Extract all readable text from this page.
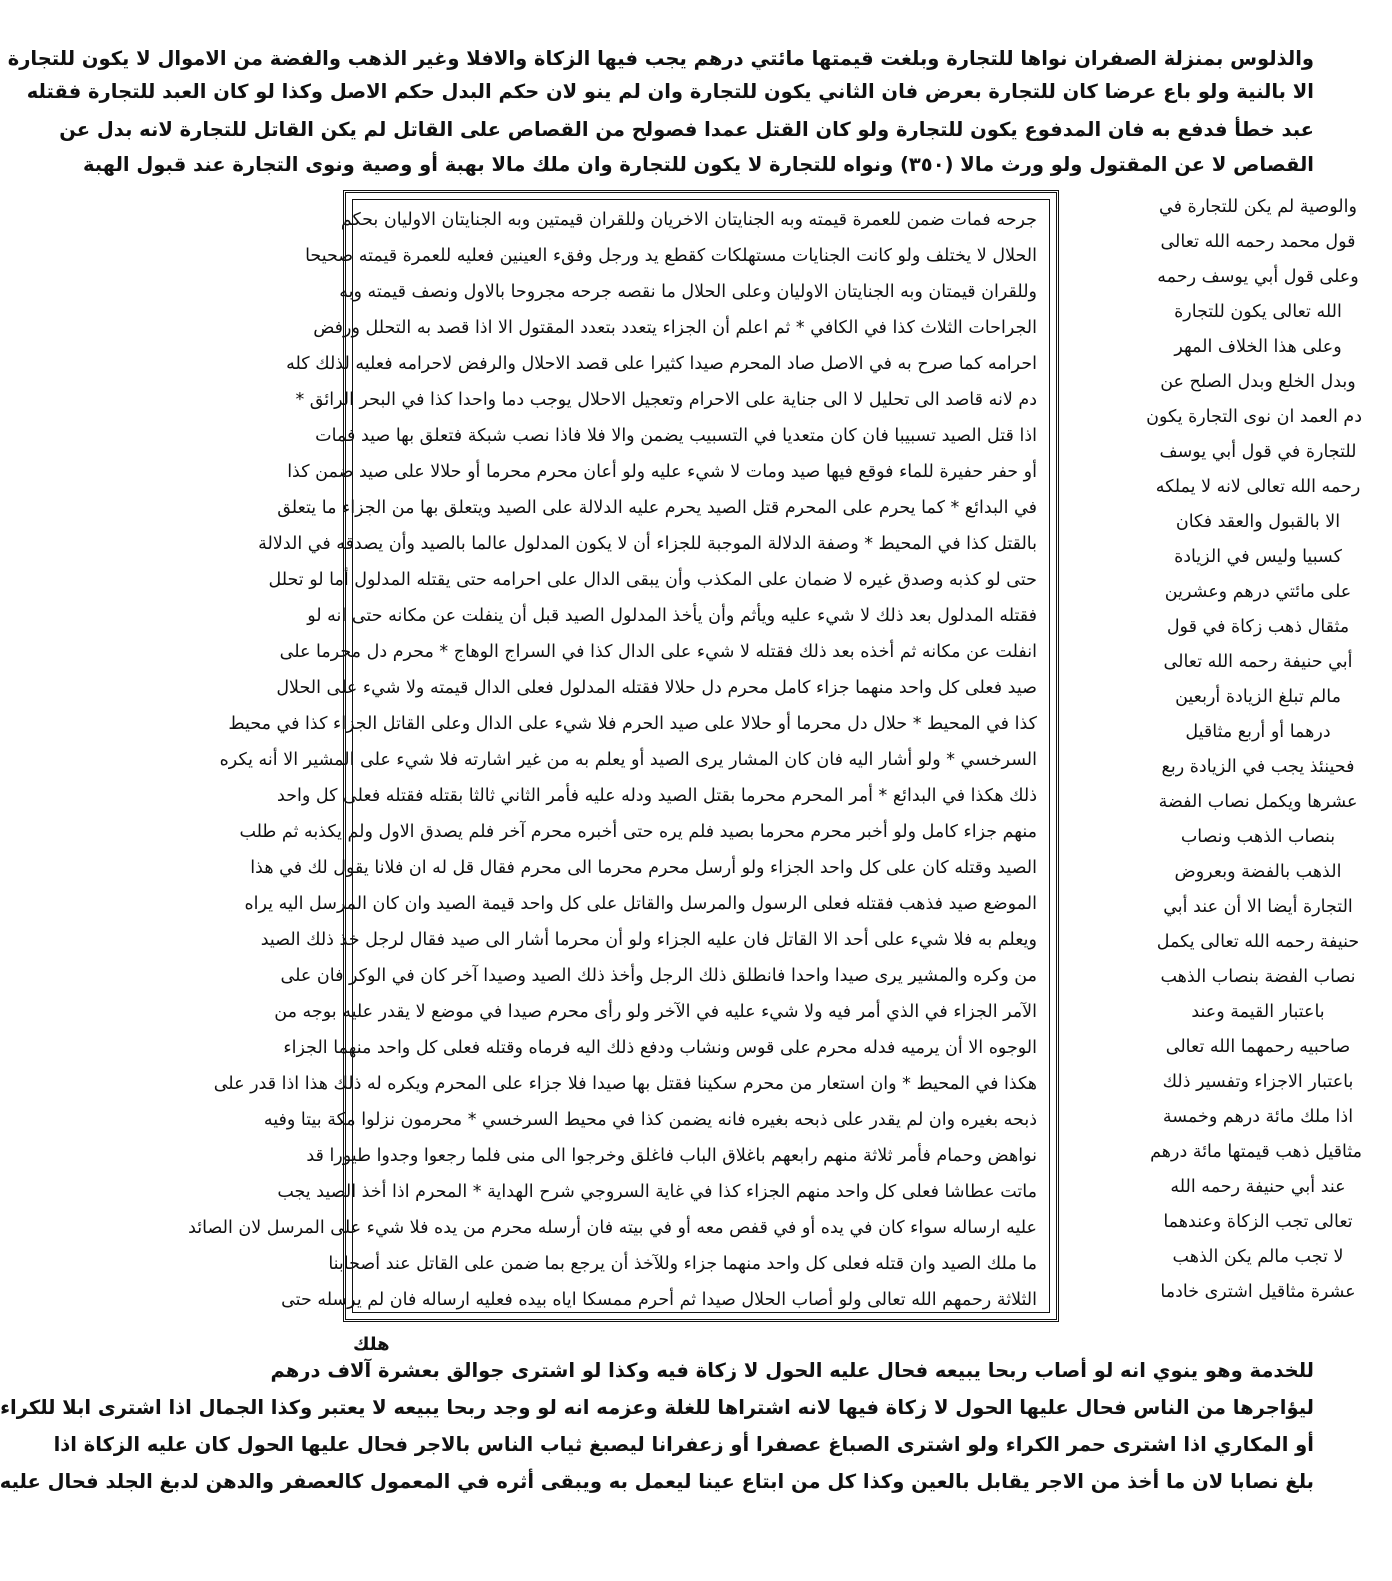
والذلوس بمنزلة الصفران نواها للتجارة وبلغت قيمتها مائتي درهم يجب فيها الزكاة والافلا وغير الذهب والفضة من الاموال لا يكون للتجارة
الا بالنية ولو باع عرضا كان للتجارة بعرض فان الثاني يكون للتجارة وان لم ينو لان حكم البدل حكم الاصل وكذا لو كان العبد للتجارة فقتله
عبد خطأ فدفع به فان المدفوع يكون للتجارة ولو كان القتل عمدا فصولح من القصاص على القاتل لم يكن القاتل للتجارة لانه بدل عن
القصاص لا عن المقتول ولو ورث مالا (٣٥٠) ونواه للتجارة لا يكون للتجارة وان ملك مالا بهبة أو وصية ونوى التجارة عند قبول الهبة
والوصية لم يكن للتجارة في
قول محمد رحمه الله تعالى
وعلى قول أبي يوسف رحمه
الله تعالى يكون للتجارة
وعلى هذا الخلاف المهر
وبدل الخلع وبدل الصلح عن
دم العمد ان نوى التجارة يكون
للتجارة في قول أبي يوسف
رحمه الله تعالى لانه لا يملكه
الا بالقبول والعقد فكان
كسبيا وليس في الزيادة
على مائتي درهم وعشرين
مثقال ذهب زكاة في قول
أبي حنيفة رحمه الله تعالى
مالم تبلغ الزيادة أربعين
درهما أو أربع مثاقيل
فحينئذ يجب في الزيادة ربع
عشرها ويكمل نصاب الفضة
بنصاب الذهب ونصاب
الذهب بالفضة وبعروض
التجارة أيضا الا أن عند أبي
حنيفة رحمه الله تعالى يكمل
نصاب الفضة بنصاب الذهب
باعتبار القيمة وعند
صاحبيه رحمهما الله تعالى
باعتبار الاجزاء وتفسير ذلك
اذا ملك مائة درهم وخمسة
مثاقيل ذهب قيمتها مائة درهم
عند أبي حنيفة رحمه الله
تعالى تجب الزكاة وعندهما
لا تجب مالم يكن الذهب
عشرة مثاقيل اشترى خادما
جرحه فمات ضمن للعمرة قيمته وبه الجنايتان الاخريان وللقران قيمتين وبه الجنايتان الاوليان بحكم
الحلال لا يختلف ولو كانت الجنايات مستهلكات كقطع يد ورجل وفقء العينين فعليه للعمرة قيمته صحيحا
وللقران قيمتان وبه الجنايتان الاوليان وعلى الحلال ما نقصه جرحه مجروحا بالاول ونصف قيمته وبه
الجراحات الثلاث كذا في الكافي * ثم اعلم أن الجزاء يتعدد بتعدد المقتول الا اذا قصد به التحلل ورفض
احرامه كما صرح به في الاصل صاد المحرم صيدا كثيرا على قصد الاحلال والرفض لاحرامه فعليه لذلك كله
دم لانه قاصد الى تحليل لا الى جناية على الاحرام وتعجيل الاحلال يوجب دما واحدا كذا في البحر الرائق *
اذا قتل الصيد تسبيبا فان كان متعديا في التسبيب يضمن والا فلا فاذا نصب شبكة فتعلق بها صيد فمات
أو حفر حفيرة للماء فوقع فيها صيد ومات لا شيء عليه ولو أعان محرم محرما أو حلالا على صيد ضمن كذا
في البدائع * كما يحرم على المحرم قتل الصيد يحرم عليه الدلالة على الصيد ويتعلق بها من الجزاء ما يتعلق
بالقتل كذا في المحيط * وصفة الدلالة الموجبة للجزاء أن لا يكون المدلول عالما بالصيد وأن يصدقه في الدلالة
حتى لو كذبه وصدق غيره لا ضمان على المكذب وأن يبقى الدال على احرامه حتى يقتله المدلول أما لو تحلل
فقتله المدلول بعد ذلك لا شيء عليه ويأثم وأن يأخذ المدلول الصيد قبل أن ينفلت عن مكانه حتى انه لو
انفلت عن مكانه ثم أخذه بعد ذلك فقتله لا شيء على الدال كذا في السراج الوهاج * محرم دل محرما على
صيد فعلى كل واحد منهما جزاء كامل محرم دل حلالا فقتله المدلول فعلى الدال قيمته ولا شيء على الحلال
كذا في المحيط * حلال دل محرما أو حلالا على صيد الحرم فلا شيء على الدال وعلى القاتل الجزاء كذا في محيط
السرخسي * ولو أشار اليه فان كان المشار يرى الصيد أو يعلم به من غير اشارته فلا شيء على المشير الا أنه يكره
ذلك هكذا في البدائع * أمر المحرم محرما بقتل الصيد ودله عليه فأمر الثاني ثالثا بقتله فقتله فعلى كل واحد
منهم جزاء كامل ولو أخبر محرم محرما بصيد فلم يره حتى أخبره محرم آخر فلم يصدق الاول ولم يكذبه ثم طلب
الصيد وقتله كان على كل واحد الجزاء ولو أرسل محرم محرما الى محرم فقال قل له ان فلانا يقول لك في هذا
الموضع صيد فذهب فقتله فعلى الرسول والمرسل والقاتل على كل واحد قيمة الصيد وان كان المرسل اليه يراه
ويعلم به فلا شيء على أحد الا القاتل فان عليه الجزاء ولو أن محرما أشار الى صيد فقال لرجل خذ ذلك الصيد
من وكره والمشير يرى صيدا واحدا فانطلق ذلك الرجل وأخذ ذلك الصيد وصيدا آخر كان في الوكر فان على
الآمر الجزاء في الذي أمر فيه ولا شيء عليه في الآخر ولو رأى محرم صيدا في موضع لا يقدر عليه بوجه من
الوجوه الا أن يرميه فدله محرم على قوس ونشاب ودفع ذلك اليه فرماه وقتله فعلى كل واحد منهما الجزاء
هكذا في المحيط * وان استعار من محرم سكينا فقتل بها صيدا فلا جزاء على المحرم ويكره له ذلك هذا اذا قدر على
ذبحه بغيره وان لم يقدر على ذبحه بغيره فانه يضمن كذا في محيط السرخسي * محرمون نزلوا مكة بيتا وفيه
نواهض وحمام فأمر ثلاثة منهم رابعهم باغلاق الباب فاغلق وخرجوا الى منى فلما رجعوا وجدوا طيورا قد
ماتت عطاشا فعلى كل واحد منهم الجزاء كذا في غاية السروجي شرح الهداية * المحرم اذا أخذ الصيد يجب
عليه ارساله سواء كان في يده أو في قفص معه أو في بيته فان أرسله محرم من يده فلا شيء على المرسل لان الصائد
ما ملك الصيد وان قتله فعلى كل واحد منهما جزاء وللآخذ أن يرجع بما ضمن على القاتل عند أصحابنا
الثلاثة رحمهم الله تعالى ولو أصاب الحلال صيدا ثم أحرم ممسكا اياه بيده فعليه ارساله فان لم يرسله حتى
هلك
للخدمة وهو ينوي انه لو أصاب ربحا يبيعه فحال عليه الحول لا زكاة فيه وكذا لو اشترى جوالق بعشرة آلاف درهم
ليؤاجرها من الناس فحال عليها الحول لا زكاة فيها لانه اشتراها للغلة وعزمه انه لو وجد ربحا يبيعه لا يعتبر وكذا الجمال اذا اشترى ابلا للكراء
أو المكاري اذا اشترى حمر الكراء ولو اشترى الصباغ عصفرا أو زعفرانا ليصبغ ثياب الناس بالاجر فحال عليها الحول كان عليه الزكاة اذا
بلغ نصابا لان ما أخذ من الاجر يقابل بالعين وكذا كل من ابتاع عينا ليعمل به ويبقى أثره في المعمول كالعصفر والدهن لدبغ الجلد فحال عليه
